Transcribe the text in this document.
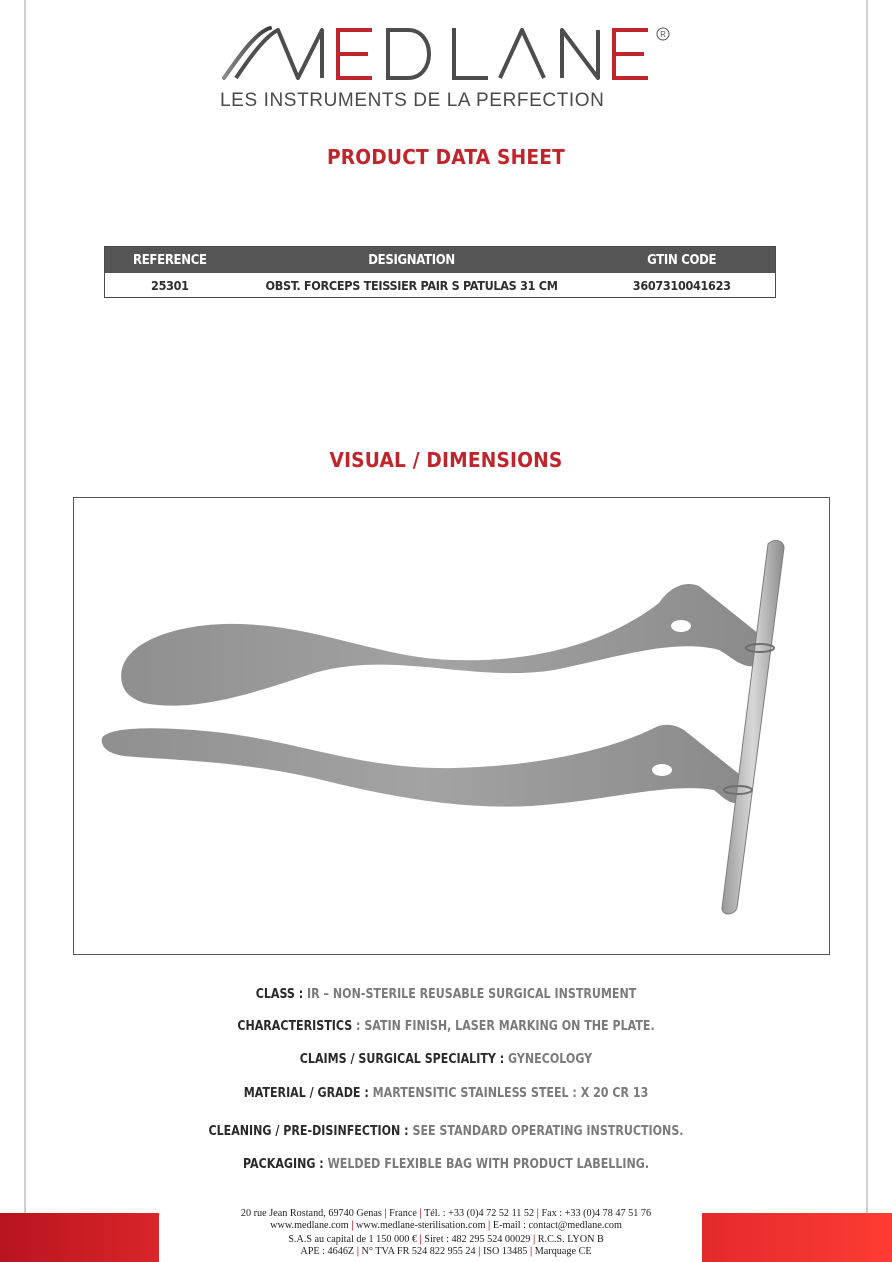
R
LES INSTRUMENTS DE LA PERFECTION
PRODUCT DATA SHEET
REFERENCE	DESIGNATION	GTIN CODE
25301	OBST. FORCEPS TEISSIER PAIR S PATULAS 31 CM	3607310041623
VISUAL / DIMENSIONS
CLASS : IR – NON-STERILE REUSABLE SURGICAL INSTRUMENT
CHARACTERISTICS : SATIN FINISH, LASER MARKING ON THE PLATE.
CLAIMS / SURGICAL SPECIALITY : GYNECOLOGY
MATERIAL / GRADE : MARTENSITIC STAINLESS STEEL : X 20 CR 13
CLEANING / PRE-DISINFECTION : SEE STANDARD OPERATING INSTRUCTIONS.
PACKAGING : WELDED FLEXIBLE BAG WITH PRODUCT LABELLING.
20 rue Jean Rostand, 69740 Genas | France | Tél. : +33 (0)4 72 52 11 52 | Fax : +33 (0)4 78 47 51 76
www.medlane.com | www.medlane-sterilisation.com | E-mail : contact@medlane.com
S.A.S au capital de 1 150 000 € | Siret : 482 295 524 00029 | R.C.S. LYON B
APE : 4646Z | N° TVA FR 524 822 955 24 | ISO 13485 | Marquage CE
